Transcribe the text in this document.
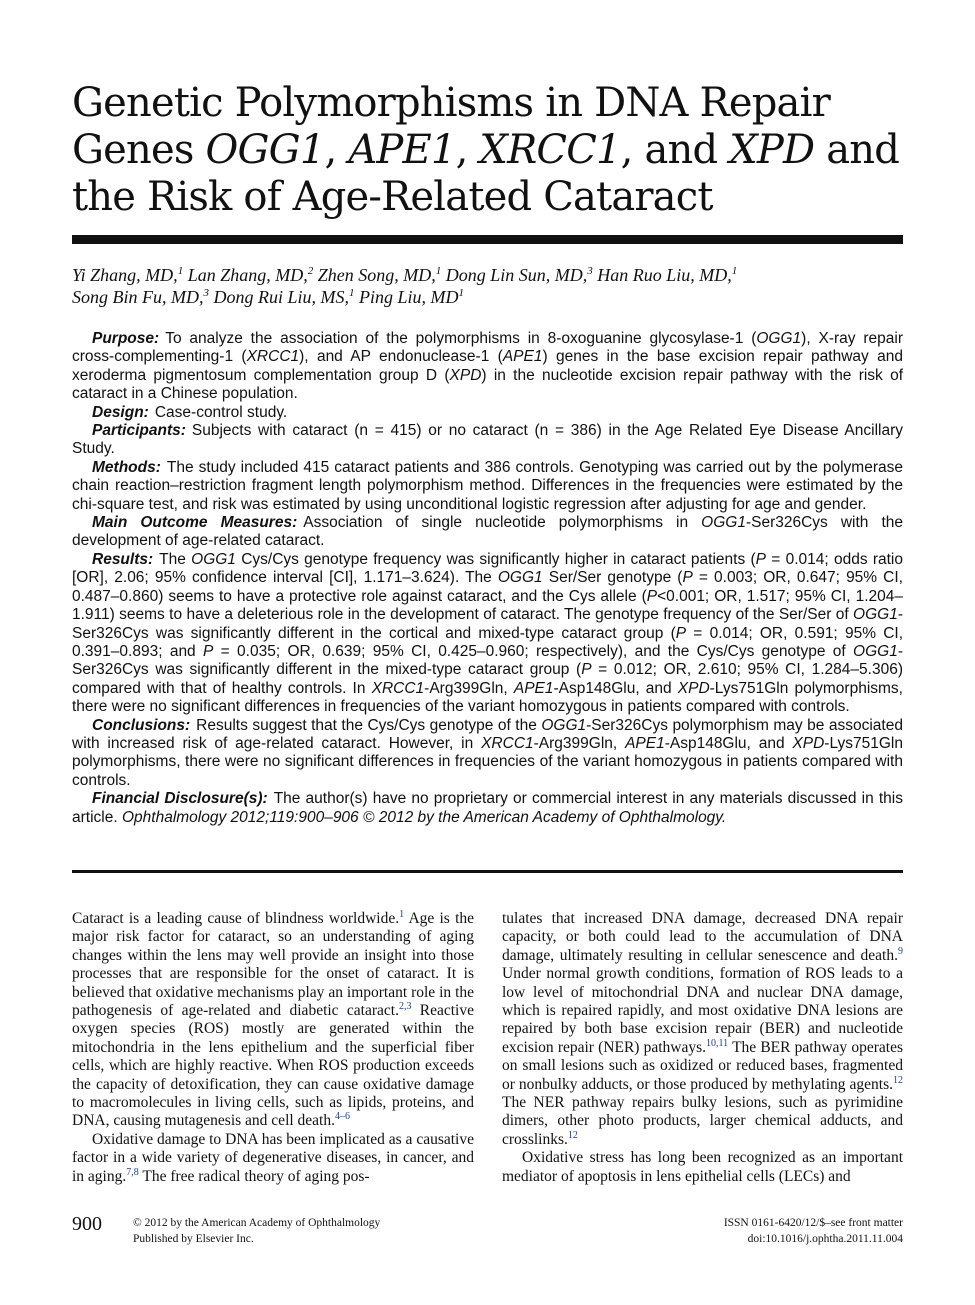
Genetic Polymorphisms in DNA Repair Genes OGG1, APE1, XRCC1, and XPD and the Risk of Age-Related Cataract
Yi Zhang, MD,$^1$ Lan Zhang, MD,$^2$ Zhen Song, MD,$^1$ Dong Lin Sun, MD,$^3$ Han Ruo Liu, MD,$^1$
Song Bin Fu, MD,$^3$ Dong Rui Liu, MS,$^1$ Ping Liu, $MD^1$

Purpose: To analyze the association of the polymorphisms in 8-oxoguanine glycosylase-1 (OGG1), X-ray repair cross-complementing-1 (XRCC1), and AP endonuclease-1 (APE1) genes in the base excision repair pathway and xeroderma pigmentosum complementation group D (XPD) in the nucleotide excision repair pathway with the risk of cataract in a Chinese population.

Design: Case-control study.

Participants: Subjects with cataract (n = 415) or no cataract (n = 386) in the Age Related Eye Disease Ancillary Study.

Methods: The study included 415 cataract patients and 386 controls. Genotyping was carried out by the polymerase chain reaction–restriction fragment length polymorphism method. Differences in the frequencies were estimated by the chi-square test, and risk was estimated by using unconditional logistic regression after adjusting for age and gender.

Main Outcome Measures: Association of single nucleotide polymorphisms in OGG1-Ser326Cys with the development of age-related cataract.

Results: The OGG1 Cys/Cys genotype frequency was significantly higher in cataract patients (P = 0.014; odds ratio [OR], 2.06; 95% confidence interval [CI], 1.171–3.624). The OGG1 Ser/Ser genotype (P = 0.003; OR, 0.647; 95% CI, 0.487–0.860) seems to have a protective role against cataract, and the Cys allele (P<0.001; OR, 1.517; 95% CI, 1.204–1.911) seems to have a deleterious role in the development of cataract. The genotype frequency of the Ser/Ser of OGG1-Ser326Cys was significantly different in the cortical and mixed-type cataract group (P = 0.014; OR, 0.591; 95% CI, 0.391–0.893; and P = 0.035; OR, 0.639; 95% CI, 0.425–0.960; respectively), and the Cys/Cys genotype of OGG1-Ser326Cys was significantly different in the mixed-type cataract group (P = 0.012; OR, 2.610; 95% CI, 1.284–5.306) compared with that of healthy controls. In XRCC1-Arg399Gln, APE1-Asp148Glu, and XPD-Lys751Gln polymorphisms, there were no significant differences in frequencies of the variant homozygous in patients compared with controls.

Conclusions: Results suggest that the Cys/Cys genotype of the OGG1-Ser326Cys polymorphism may be associated with increased risk of age-related cataract. However, in XRCC1-Arg399Gln, APE1-Asp148Glu, and XPD-Lys751Gln polymorphisms, there were no significant differences in frequencies of the variant homozygous in patients compared with controls.

Financial Disclosure(s): The author(s) have no proprietary or commercial interest in any materials discussed in this article. Ophthalmology 2012;119:900–906 © 2012 by the American Academy of Ophthalmology.

Cataract is a leading cause of blindness worldwide.$^1$ Age is the major risk factor for cataract, so an understanding of aging changes within the lens may well provide an insight into those processes that are responsible for the onset of cataract. It is believed that oxidative mechanisms play an important role in the pathogenesis of age-related and diabetic cataract.$^{2,3}$ Reactive oxygen species (ROS) mostly are generated within the mitochondria in the lens epithelium and the superficial fiber cells, which are highly reactive. When ROS production exceeds the capacity of detoxification, they can cause oxidative damage to macromolecules in living cells, such as lipids, proteins, and DNA, causing mutagenesis and cell death.$^{4-6}$

Oxidative damage to DNA has been implicated as a causative factor in a wide variety of degenerative diseases, in cancer, and in aging.$^{7,8}$ The free radical theory of aging pos-

tulates that increased DNA damage, decreased DNA repair capacity, or both could lead to the accumulation of DNA damage, ultimately resulting in cellular senescence and death.$^9$ Under normal growth conditions, formation of ROS leads to a low level of mitochondrial DNA and nuclear DNA damage, which is repaired rapidly, and most oxidative DNA lesions are repaired by both base excision repair (BER) and nucleotide excision repair (NER) pathways.$^{10,11}$ The BER pathway operates on small lesions such as oxidized or reduced bases, fragmented or nonbulky adducts, or those produced by methylating agents.$^{12}$ The NER pathway repairs bulky lesions, such as pyrimidine dimers, other photo products, larger chemical adducts, and crosslinks.$^{12}$

Oxidative stress has long been recognized as an important mediator of apoptosis in lens epithelial cells (LECs) and

900	© 2012 by the American Academy of Ophthalmology
Published by Elsevier Inc.
ISSN 0161-6420/12/$–see front matter
doi:10.1016/j.ophtha.2011.11.004
